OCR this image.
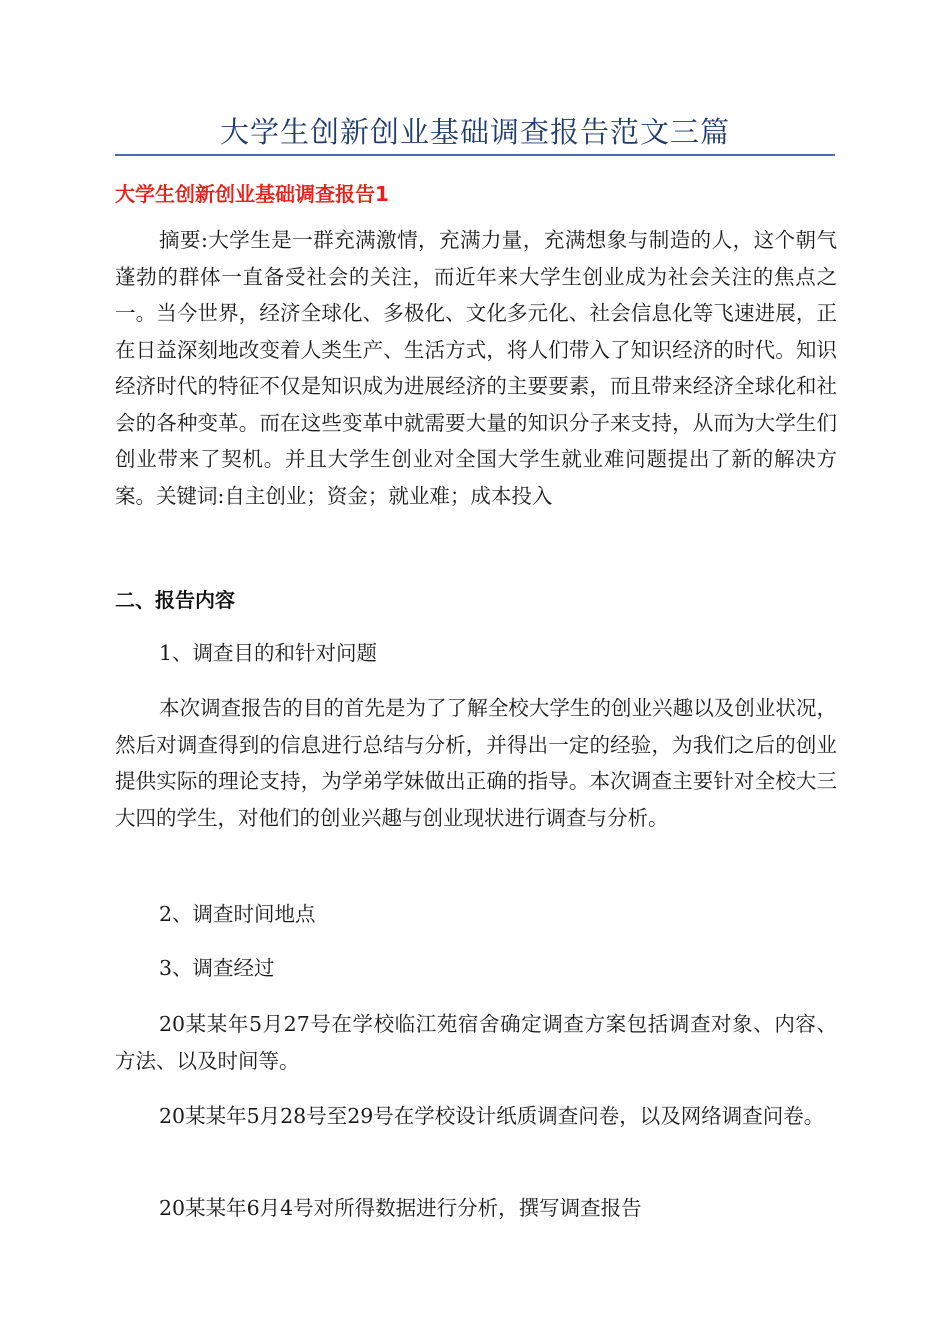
大学生创新创业基础调查报告范文三篇
大学生创新创业基础调查报告1

摘要:大学生是一群充满激情，充满力量，充满想象与制造的人，这个朝气蓬勃的群体一直备受社会的关注，而近年来大学生创业成为社会关注的焦点之一。当今世界，经济全球化、多极化、文化多元化、社会信息化等飞速进展，正在日益深刻地改变着人类生产、生活方式，将人们带入了知识经济的时代。知识经济时代的特征不仅是知识成为进展经济的主要要素，而且带来经济全球化和社会的各种变革。而在这些变革中就需要大量的知识分子来支持，从而为大学生们创业带来了契机。并且大学生创业对全国大学生就业难问题提出了新的解决方案。关键词:自主创业；资金；就业难；成本投入

二、报告内容

1、调查目的和针对问题

本次调查报告的目的首先是为了了解全校大学生的创业兴趣以及创业状况，然后对调查得到的信息进行总结与分析，并得出一定的经验，为我们之后的创业提供实际的理论支持，为学弟学妹做出正确的指导。本次调查主要针对全校大三大四的学生，对他们的创业兴趣与创业现状进行调查与分析。

2、调查时间地点

3、调查经过

20某某年5月27号在学校临江苑宿舍确定调查方案包括调查对象、内容、方法、以及时间等。

20某某年5月28号至29号在学校设计纸质调查问卷，以及网络调查问卷。

20某某年6月4号对所得数据进行分析，撰写调查报告
